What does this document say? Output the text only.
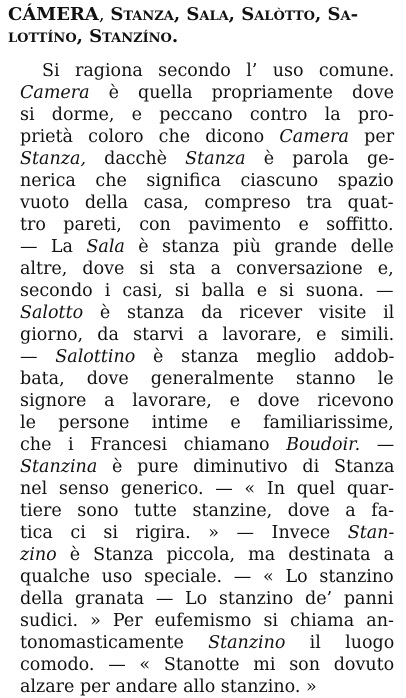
CÁMERA, Stanza, Sala, Salòtto, Sa-
lottíno, Stanzíno.
Si ragiona secondo l’ uso comune.
Camera è quella propriamente dove
si dorme, e peccano contro la pro-
prietà coloro che dicono Camera per
Stanza, dacchè Stanza è parola ge-
nerica che significa ciascuno spazio
vuoto della casa, compreso tra quat-
tro pareti, con pavimento e soffitto.
— La Sala è stanza più grande delle
altre, dove si sta a conversazione e,
secondo i casi, si balla e si suona. —
Salotto è stanza da ricever visite il
giorno, da starvi a lavorare, e simili.
— Salottino è stanza meglio addob-
bata, dove generalmente stanno le
signore a lavorare, e dove ricevono
le persone intime e familiarissime,
che i Francesi chiamano Boudoir. —
Stanzina è pure diminutivo di Stanza
nel senso generico. — « In quel quar-
tiere sono tutte stanzine, dove a fa-
tica ci si rigira. » — Invece Stan-
zino è Stanza piccola, ma destinata a
qualche uso speciale. — « Lo stanzino
della granata — Lo stanzino de’ panni
sudici. » Per eufemismo si chiama an-
tonomasticamente Stanzino il luogo
comodo. — « Stanotte mi son dovuto
alzare per andare allo stanzino. »
